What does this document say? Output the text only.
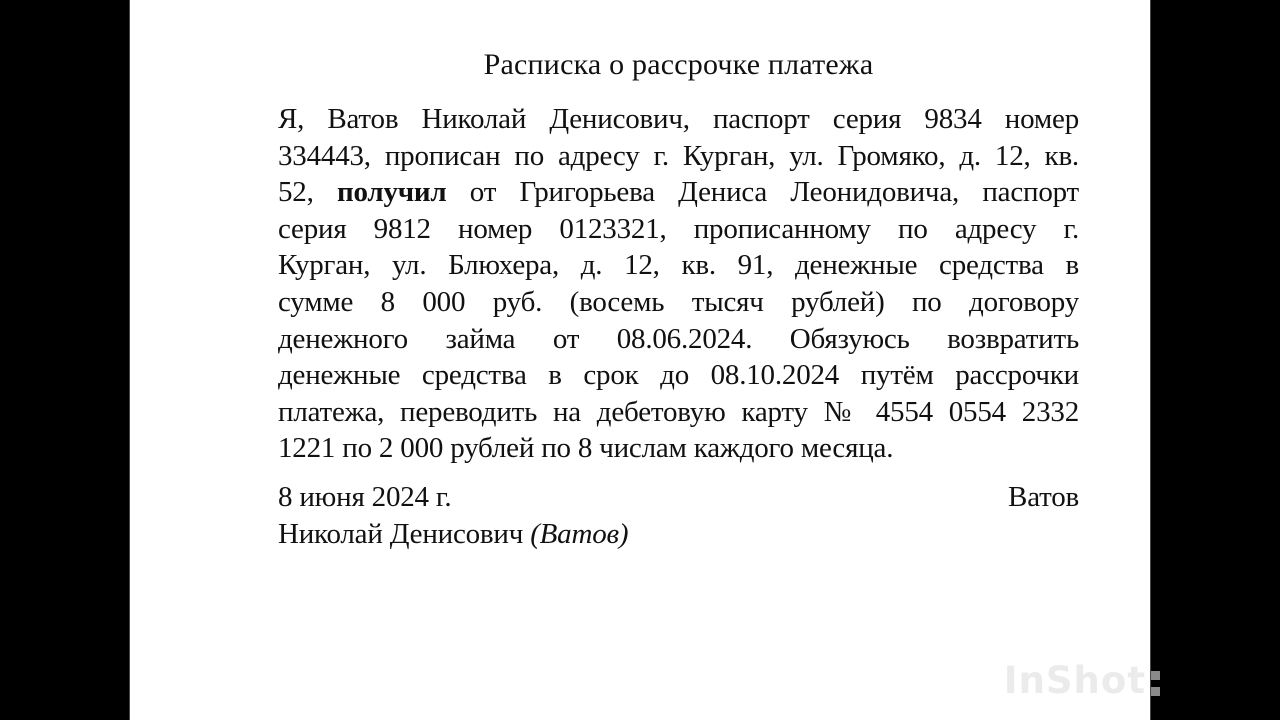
Расписка о рассрочке платежа
Я, Ватов Николай Денисович, паспорт серия 9834 номер
334443, прописан по адресу г. Курган, ул. Громяко, д. 12, кв.
52, получил от Григорьева Дениса Леонидовича, паспорт
серия 9812 номер 0123321, прописанному по адресу г.
Курган, ул. Блюхера, д. 12, кв. 91, денежные средства в
сумме 8 000 руб. (восемь тысяч рублей) по договору
денежного займа от 08.06.2024. Обязуюсь возвратить
денежные средства в срок до 08.10.2024 путём рассрочки
платежа, переводить на дебетовую карту № 4554 0554 2332
1221 по 2 000 рублей по 8 числам каждого месяца.
8 июня 2024 г.	Ватов
Николай Денисович (Ватов)
InShot
